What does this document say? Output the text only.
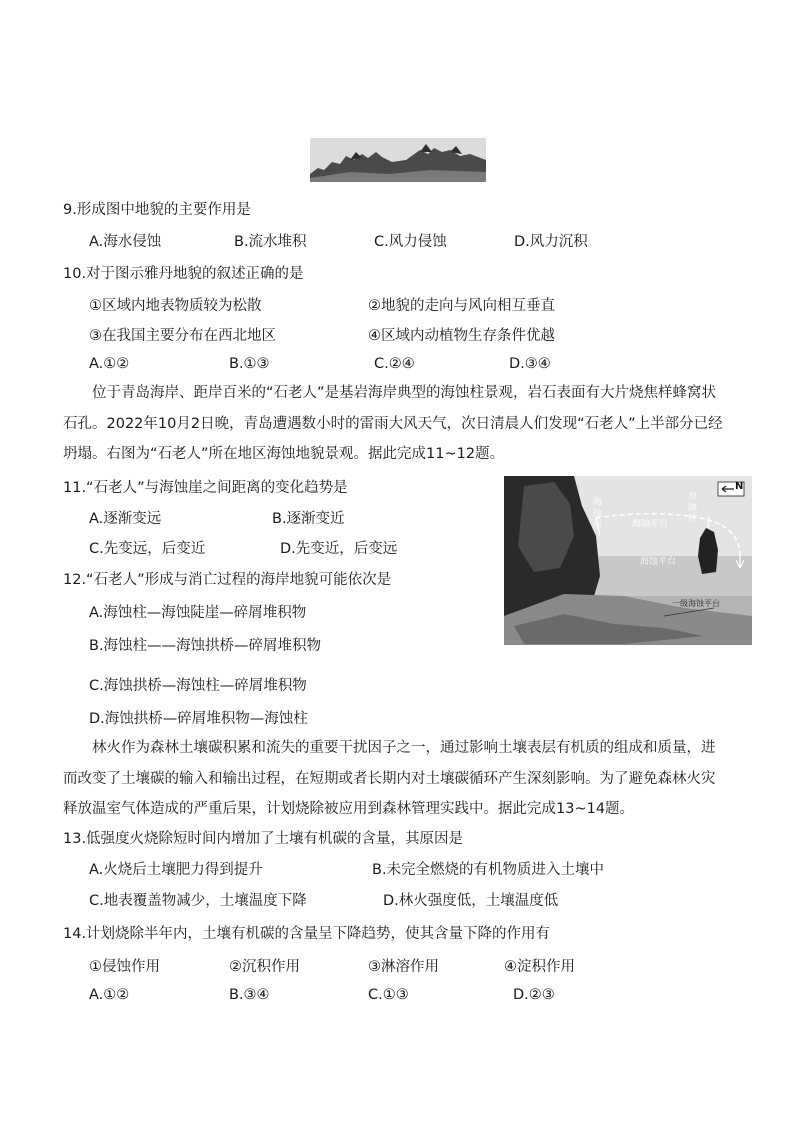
9.形成图中地貌的主要作用是
A.海水侵蚀	B.流水堆积	C.风力侵蚀	D.风力沉积
10.对于图示雅丹地貌的叙述正确的是
①区域内地表物质较为松散	②地貌的走向与风向相互垂直
③在我国主要分布在西北地区	④区域内动植物生存条件优越
A.①②	B.①③	C.②④	D.③④
位于青岛海岸、距岸百米的“石老人”是基岩海岸典型的海蚀柱景观，岩石表面有大片烧焦样蜂窝状石孔。2022年10月2日晚，青岛遭遇数小时的雷雨大风天气，次日清晨人们发现“石老人”上半部分已经坍塌。右图为“石老人”所在地区海蚀地貌景观。据此完成11~12题。
N
海蚀崖
海蚀柱
海蚀平台
海蚀平台
一级海蚀平台
11.“石老人”与海蚀崖之间距离的变化趋势是
A.逐渐变远	B.逐渐变近
C.先变远，后变近	D.先变近，后变远
12.“石老人”形成与消亡过程的海岸地貌可能依次是
A.海蚀柱—海蚀陡崖—碎屑堆积物
B.海蚀柱——海蚀拱桥—碎屑堆积物
C.海蚀拱桥—海蚀柱—碎屑堆积物
D.海蚀拱桥—碎屑堆积物—海蚀柱
林火作为森林土壤碳积累和流失的重要干扰因子之一，通过影响土壤表层有机质的组成和质量，进而改变了土壤碳的输入和输出过程，在短期或者长期内对土壤碳循环产生深刻影响。为了避免森林火灾释放温室气体造成的严重后果，计划烧除被应用到森林管理实践中。据此完成13~14题。
13.低强度火烧除短时间内增加了土壤有机碳的含量，其原因是
A.火烧后土壤肥力得到提升	B.未完全燃烧的有机物质进入土壤中
C.地表覆盖物减少，土壤温度下降	D.林火强度低，土壤温度低
14.计划烧除半年内，土壤有机碳的含量呈下降趋势，使其含量下降的作用有
①侵蚀作用	②沉积作用	③淋溶作用	④淀积作用
A.①②	B.③④	C.①③	D.②③
